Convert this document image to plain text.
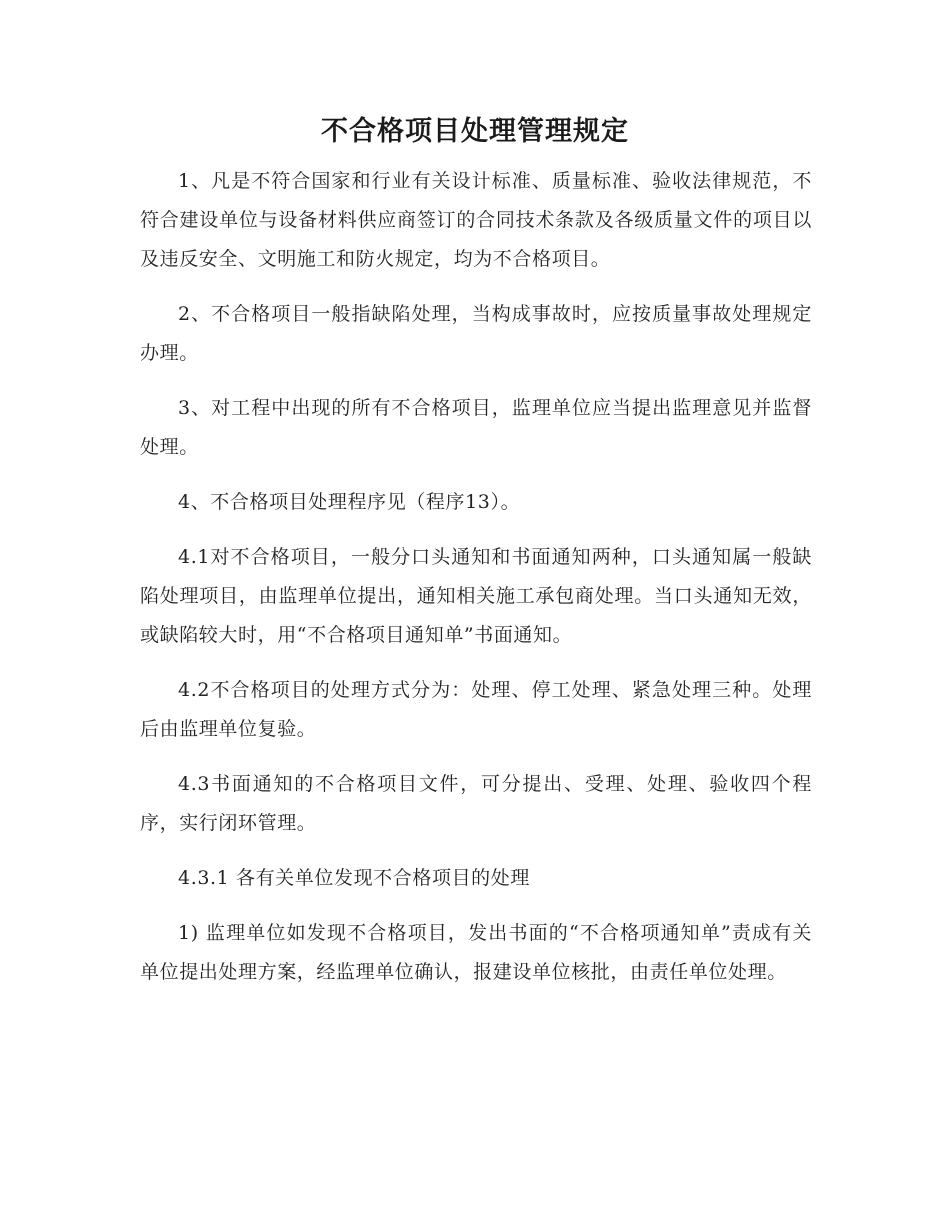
不合格项目处理管理规定

1、凡是不符合国家和行业有关设计标准、质量标准、验收法律规范，不符合建设单位与设备材料供应商签订的合同技术条款及各级质量文件的项目以及违反安全、文明施工和防火规定，均为不合格项目。

2、不合格项目一般指缺陷处理，当构成事故时，应按质量事故处理规定办理。

3、对工程中出现的所有不合格项目，监理单位应当提出监理意见并监督处理。

4、不合格项目处理程序见（程序13）。

4.1对不合格项目，一般分口头通知和书面通知两种，口头通知属一般缺陷处理项目，由监理单位提出，通知相关施工承包商处理。当口头通知无效，或缺陷较大时，用“不合格项目通知单”书面通知。

4.2不合格项目的处理方式分为：处理、停工处理、紧急处理三种。处理后由监理单位复验。

4.3书面通知的不合格项目文件，可分提出、受理、处理、验收四个程序，实行闭环管理。

4.3.1 各有关单位发现不合格项目的处理

1) 监理单位如发现不合格项目，发出书面的“不合格项通知单”责成有关单位提出处理方案，经监理单位确认，报建设单位核批，由责任单位处理。
